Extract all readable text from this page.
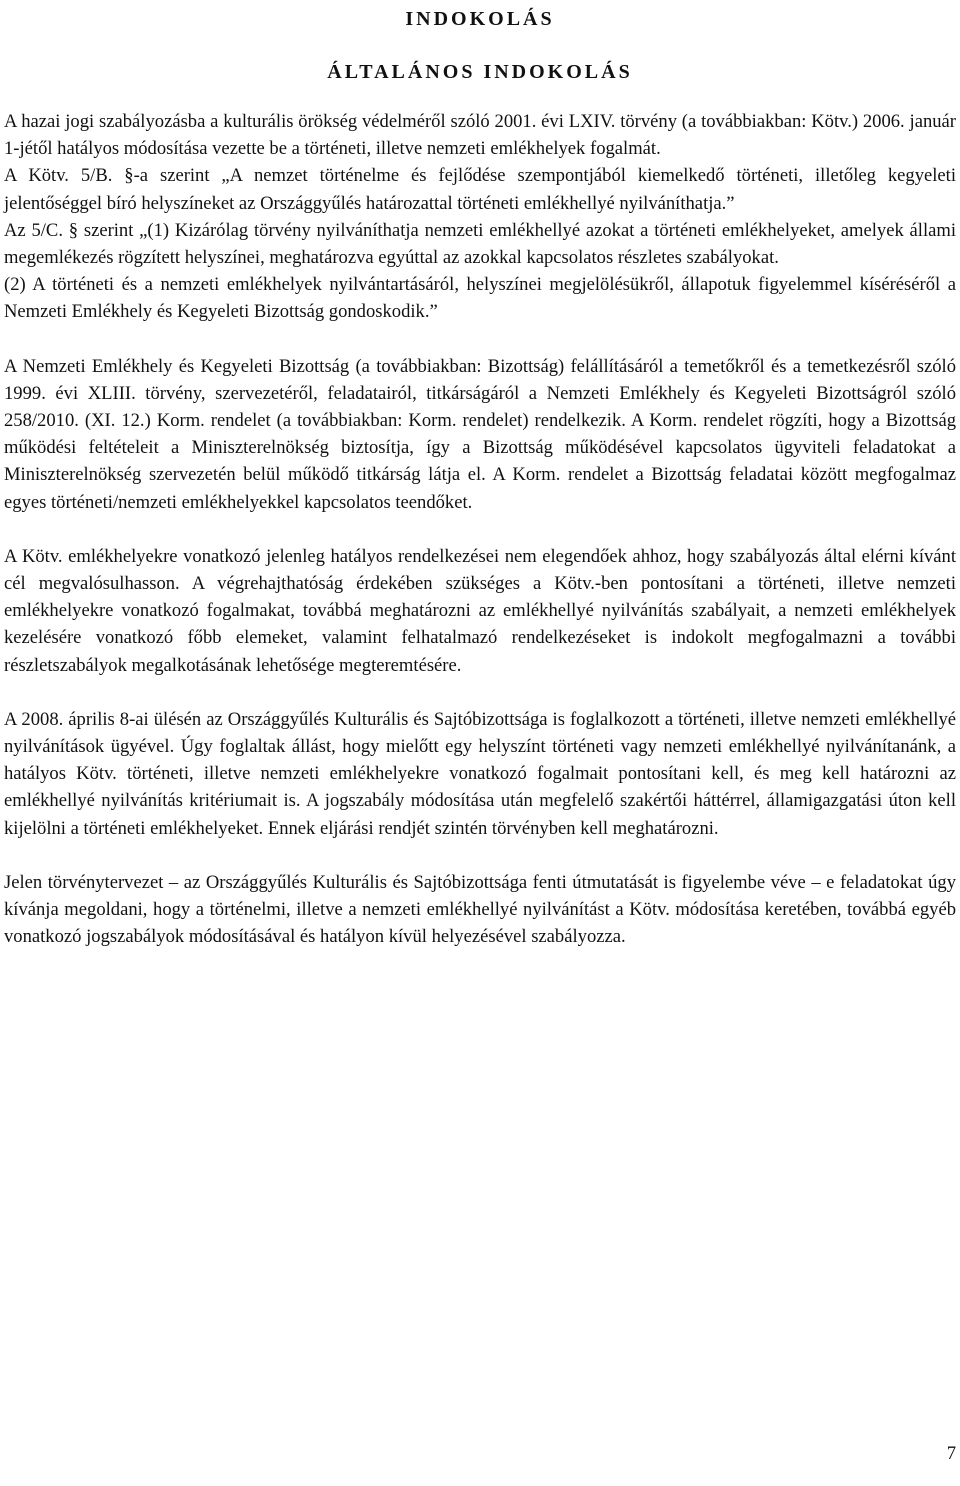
INDOKOLÁS
ÁLTALÁNOS INDOKOLÁS

A hazai jogi szabályozásba a kulturális örökség védelméről szóló 2001. évi LXIV. törvény (a továbbiakban: Kötv.) 2006. január 1-jétől hatályos módosítása vezette be a történeti, illetve nemzeti emlékhelyek fogalmát.

A Kötv. 5/B. §-a szerint „A nemzet történelme és fejlődése szempontjából kiemelkedő történeti, illetőleg kegyeleti jelentőséggel bíró helyszíneket az Országgyűlés határozattal történeti emlékhellyé nyilváníthatja.”

Az 5/C. § szerint „(1) Kizárólag törvény nyilváníthatja nemzeti emlékhellyé azokat a történeti emlékhelyeket, amelyek állami megemlékezés rögzített helyszínei, meghatározva egyúttal az azokkal kapcsolatos részletes szabályokat.

(2) A történeti és a nemzeti emlékhelyek nyilvántartásáról, helyszínei megjelölésükről, állapotuk figyelemmel kíséréséről a Nemzeti Emlékhely és Kegyeleti Bizottság gondoskodik.”

A Nemzeti Emlékhely és Kegyeleti Bizottság (a továbbiakban: Bizottság) felállításáról a temetőkről és a temetkezésről szóló 1999. évi XLIII. törvény, szervezetéről, feladatairól, titkárságáról a Nemzeti Emlékhely és Kegyeleti Bizottságról szóló 258/2010. (XI. 12.) Korm. rendelet (a továbbiakban: Korm. rendelet) rendelkezik. A Korm. rendelet rögzíti, hogy a Bizottság működési feltételeit a Miniszterelnökség biztosítja, így a Bizottság működésével kapcsolatos ügyviteli feladatokat a Miniszterelnökség szervezetén belül működő titkárság látja el. A Korm. rendelet a Bizottság feladatai között megfogalmaz egyes történeti/nemzeti emlékhelyekkel kapcsolatos teendőket.

A Kötv. emlékhelyekre vonatkozó jelenleg hatályos rendelkezései nem elegendőek ahhoz, hogy szabályozás által elérni kívánt cél megvalósulhasson. A végrehajthatóság érdekében szükséges a Kötv.-ben pontosítani a történeti, illetve nemzeti emlékhelyekre vonatkozó fogalmakat, továbbá meghatározni az emlékhellyé nyilvánítás szabályait, a nemzeti emlékhelyek kezelésére vonatkozó főbb elemeket, valamint felhatalmazó rendelkezéseket is indokolt megfogalmazni a további részletszabályok megalkotásának lehetősége megteremtésére.

A 2008. április 8-ai ülésén az Országgyűlés Kulturális és Sajtóbizottsága is foglalkozott a történeti, illetve nemzeti emlékhellyé nyilvánítások ügyével. Úgy foglaltak állást, hogy mielőtt egy helyszínt történeti vagy nemzeti emlékhellyé nyilvánítanánk, a hatályos Kötv. történeti, illetve nemzeti emlékhelyekre vonatkozó fogalmait pontosítani kell, és meg kell határozni az emlékhellyé nyilvánítás kritériumait is. A jogszabály módosítása után megfelelő szakértői háttérrel, államigazgatási úton kell kijelölni a történeti emlékhelyeket. Ennek eljárási rendjét szintén törvényben kell meghatározni.

Jelen törvénytervezet – az Országgyűlés Kulturális és Sajtóbizottsága fenti útmutatását is figyelembe véve – e feladatokat úgy kívánja megoldani, hogy a történelmi, illetve a nemzeti emlékhellyé nyilvánítást a Kötv. módosítása keretében, továbbá egyéb vonatkozó jogszabályok módosításával és hatályon kívül helyezésével szabályozza.

7
